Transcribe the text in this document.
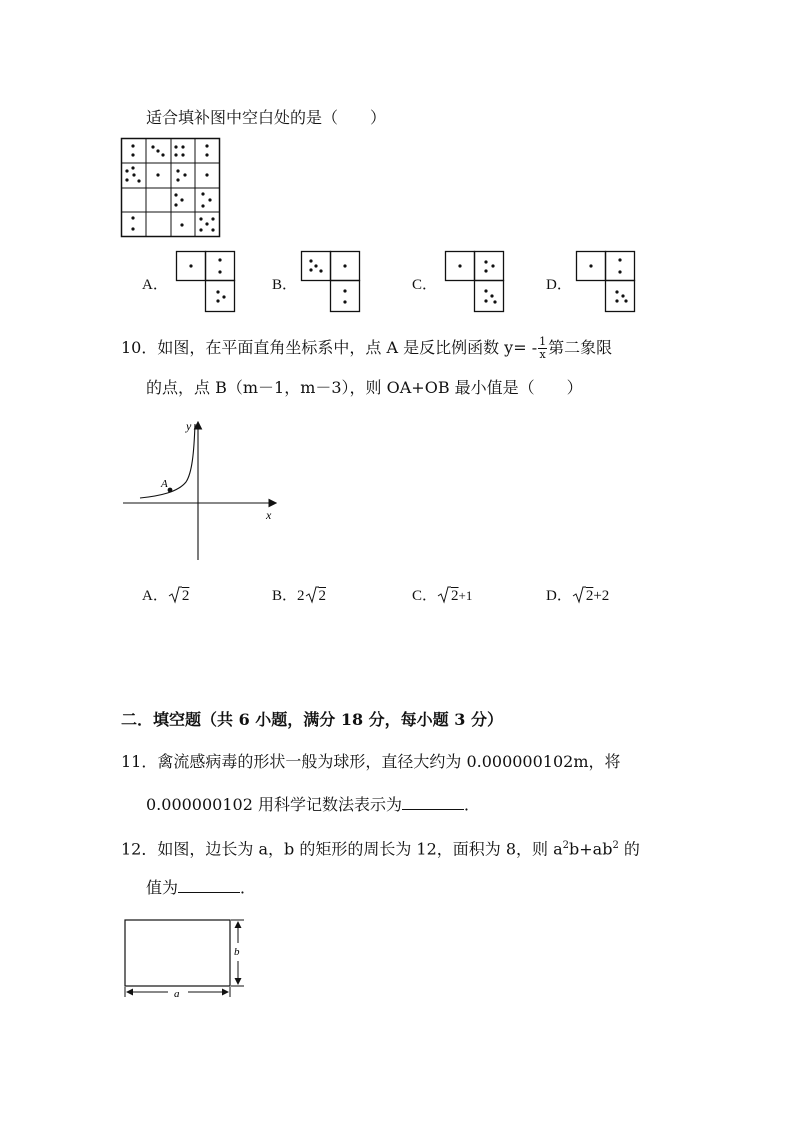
适合填补图中空白处的是（　　）
A．	B．	C．	D．
10．如图，在平面直角坐标系中，点 A 是反比例函数 $y= - \frac{1}{x}$ 第二象限
的点，点 B（m－1，m－3），则 OA+OB 最小值是（　　）
y
x
A
A． 2	B．2 2	C． 2+1	D． 2+2
二．填空题（共 6 小题，满分 18 分，每小题 3 分）
11．禽流感病毒的形状一般为球形，直径大约为 0.000000102m，将
0.000000102 用科学记数法表示为	．
12．如图，边长为 a，b 的矩形的周长为 12，面积为 8，则 $a^2b+ab^2$ 的
值为	．
a
b
